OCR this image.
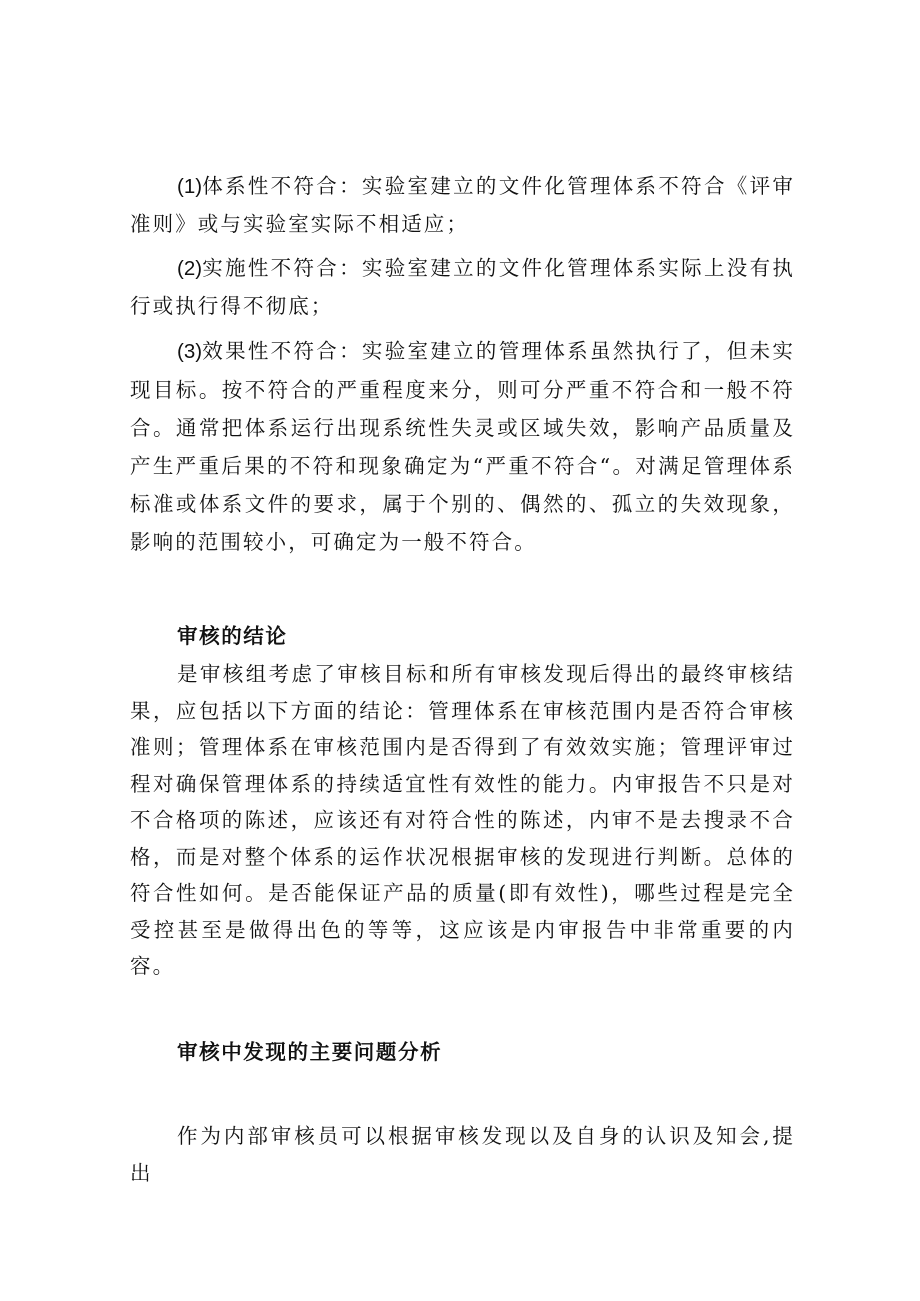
(1)体系性不符合：实验室建立的文件化管理体系不符合《评审准则》或与实验室实际不相适应；

(2)实施性不符合：实验室建立的文件化管理体系实际上没有执行或执行得不彻底；

(3)效果性不符合：实验室建立的管理体系虽然执行了，但未实现目标。按不符合的严重程度来分，则可分严重不符合和一般不符合。通常把体系运行出现系统性失灵或区域失效，影响产品质量及产生严重后果的不符和现象确定为“严重不符合“。对满足管理体系标准或体系文件的要求，属于个别的、偶然的、孤立的失效现象，影响的范围较小，可确定为一般不符合。

审核的结论

是审核组考虑了审核目标和所有审核发现后得出的最终审核结果，应包括以下方面的结论：管理体系在审核范围内是否符合审核准则；管理体系在审核范围内是否得到了有效效实施；管理评审过程对确保管理体系的持续适宜性有效性的能力。内审报告不只是对不合格项的陈述，应该还有对符合性的陈述，内审不是去搜录不合格，而是对整个体系的运作状况根据审核的发现进行判断。总体的符合性如何。是否能保证产品的质量(即有效性)，哪些过程是完全受控甚至是做得出色的等等，这应该是内审报告中非常重要的内容。

审核中发现的主要问题分析

作为内部审核员可以根据审核发现以及自身的认识及知会,提出
